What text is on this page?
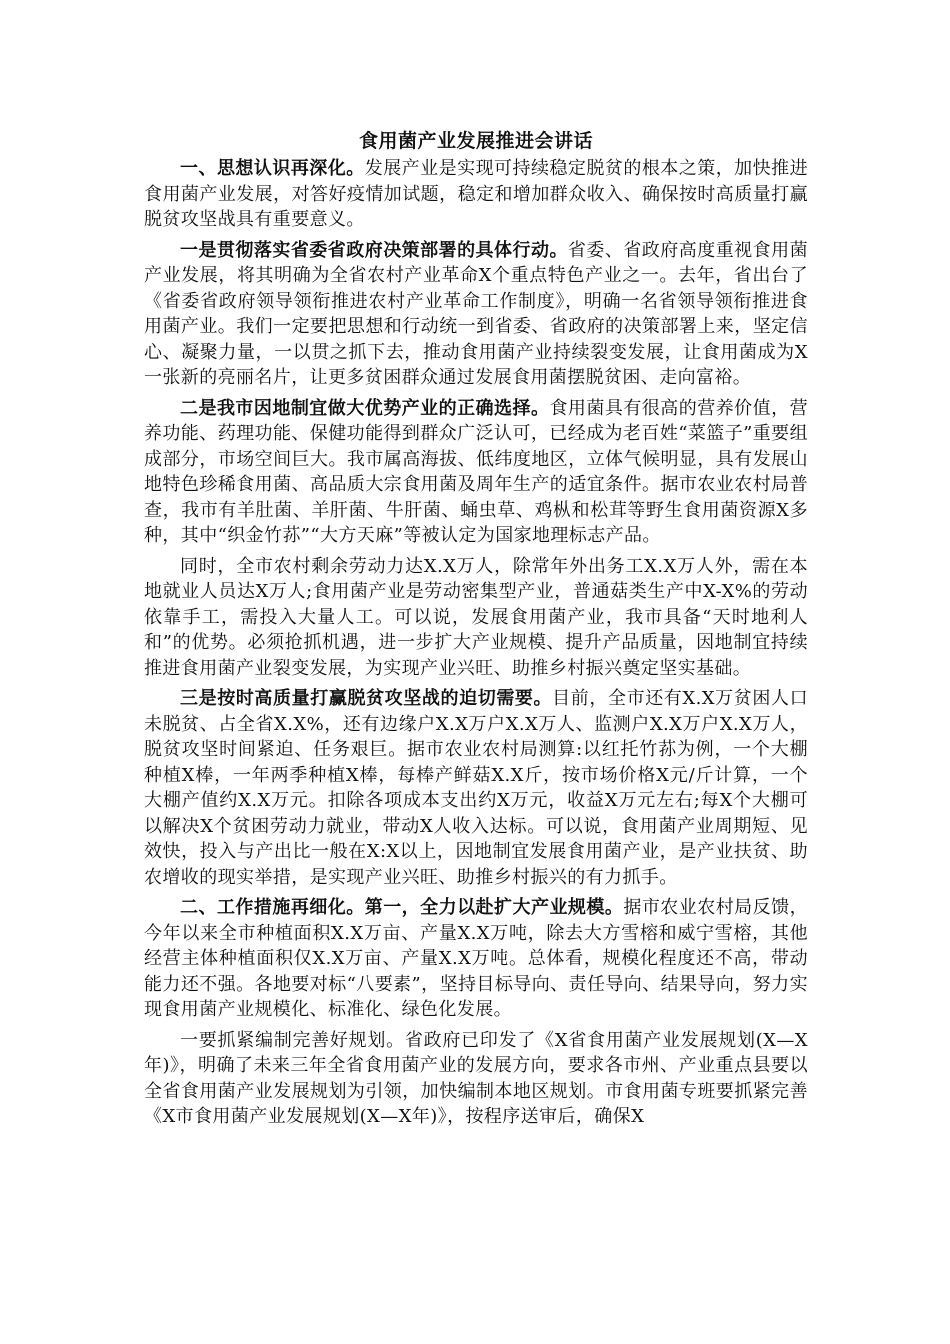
食用菌产业发展推进会讲话

一、思想认识再深化。发展产业是实现可持续稳定脱贫的根本之策，加快推进食用菌产业发展，对答好疫情加试题，稳定和增加群众收入、确保按时高质量打赢脱贫攻坚战具有重要意义。

一是贯彻落实省委省政府决策部署的具体行动。省委、省政府高度重视食用菌产业发展，将其明确为全省农村产业革命X个重点特色产业之一。去年，省出台了《省委省政府领导领衔推进农村产业革命工作制度》，明确一名省领导领衔推进食用菌产业。我们一定要把思想和行动统一到省委、省政府的决策部署上来，坚定信心、凝聚力量，一以贯之抓下去，推动食用菌产业持续裂变发展，让食用菌成为X一张新的亮丽名片，让更多贫困群众通过发展食用菌摆脱贫困、走向富裕。

二是我市因地制宜做大优势产业的正确选择。食用菌具有很高的营养价值，营养功能、药理功能、保健功能得到群众广泛认可，已经成为老百姓“菜篮子”重要组成部分，市场空间巨大。我市属高海拔、低纬度地区，立体气候明显，具有发展山地特色珍稀食用菌、高品质大宗食用菌及周年生产的适宜条件。据市农业农村局普查，我市有羊肚菌、羊肝菌、牛肝菌、蛹虫草、鸡枞和松茸等野生食用菌资源X多种，其中“织金竹荪”“大方天麻”等被认定为国家地理标志产品。

同时，全市农村剩余劳动力达X.X万人，除常年外出务工X.X万人外，需在本地就业人员达X万人;食用菌产业是劳动密集型产业，普通菇类生产中X-X%的劳动依靠手工，需投入大量人工。可以说，发展食用菌产业，我市具备“天时地利人和”的优势。必须抢抓机遇，进一步扩大产业规模、提升产品质量，因地制宜持续推进食用菌产业裂变发展，为实现产业兴旺、助推乡村振兴奠定坚实基础。

三是按时高质量打赢脱贫攻坚战的迫切需要。目前，全市还有X.X万贫困人口未脱贫、占全省X.X%，还有边缘户X.X万户X.X万人、监测户X.X万户X.X万人，脱贫攻坚时间紧迫、任务艰巨。据市农业农村局测算:以红托竹荪为例，一个大棚种植X棒，一年两季种植X棒，每棒产鲜菇X.X斤，按市场价格X元/斤计算，一个大棚产值约X.X万元。扣除各项成本支出约X万元，收益X万元左右;每X个大棚可以解决X个贫困劳动力就业，带动X人收入达标。可以说，食用菌产业周期短、见效快，投入与产出比一般在X:X以上，因地制宜发展食用菌产业，是产业扶贫、助农增收的现实举措，是实现产业兴旺、助推乡村振兴的有力抓手。

二、工作措施再细化。第一，全力以赴扩大产业规模。据市农业农村局反馈，今年以来全市种植面积X.X万亩、产量X.X万吨，除去大方雪榕和威宁雪榕，其他经营主体种植面积仅X.X万亩、产量X.X万吨。总体看，规模化程度还不高，带动能力还不强。各地要对标“八要素”，坚持目标导向、责任导向、结果导向，努力实现食用菌产业规模化、标准化、绿色化发展。

一要抓紧编制完善好规划。省政府已印发了《X省食用菌产业发展规划(X—X年)》，明确了未来三年全省食用菌产业的发展方向，要求各市州、产业重点县要以全省食用菌产业发展规划为引领，加快编制本地区规划。市食用菌专班要抓紧完善《X市食用菌产业发展规划(X—X年)》，按程序送审后，确保X
